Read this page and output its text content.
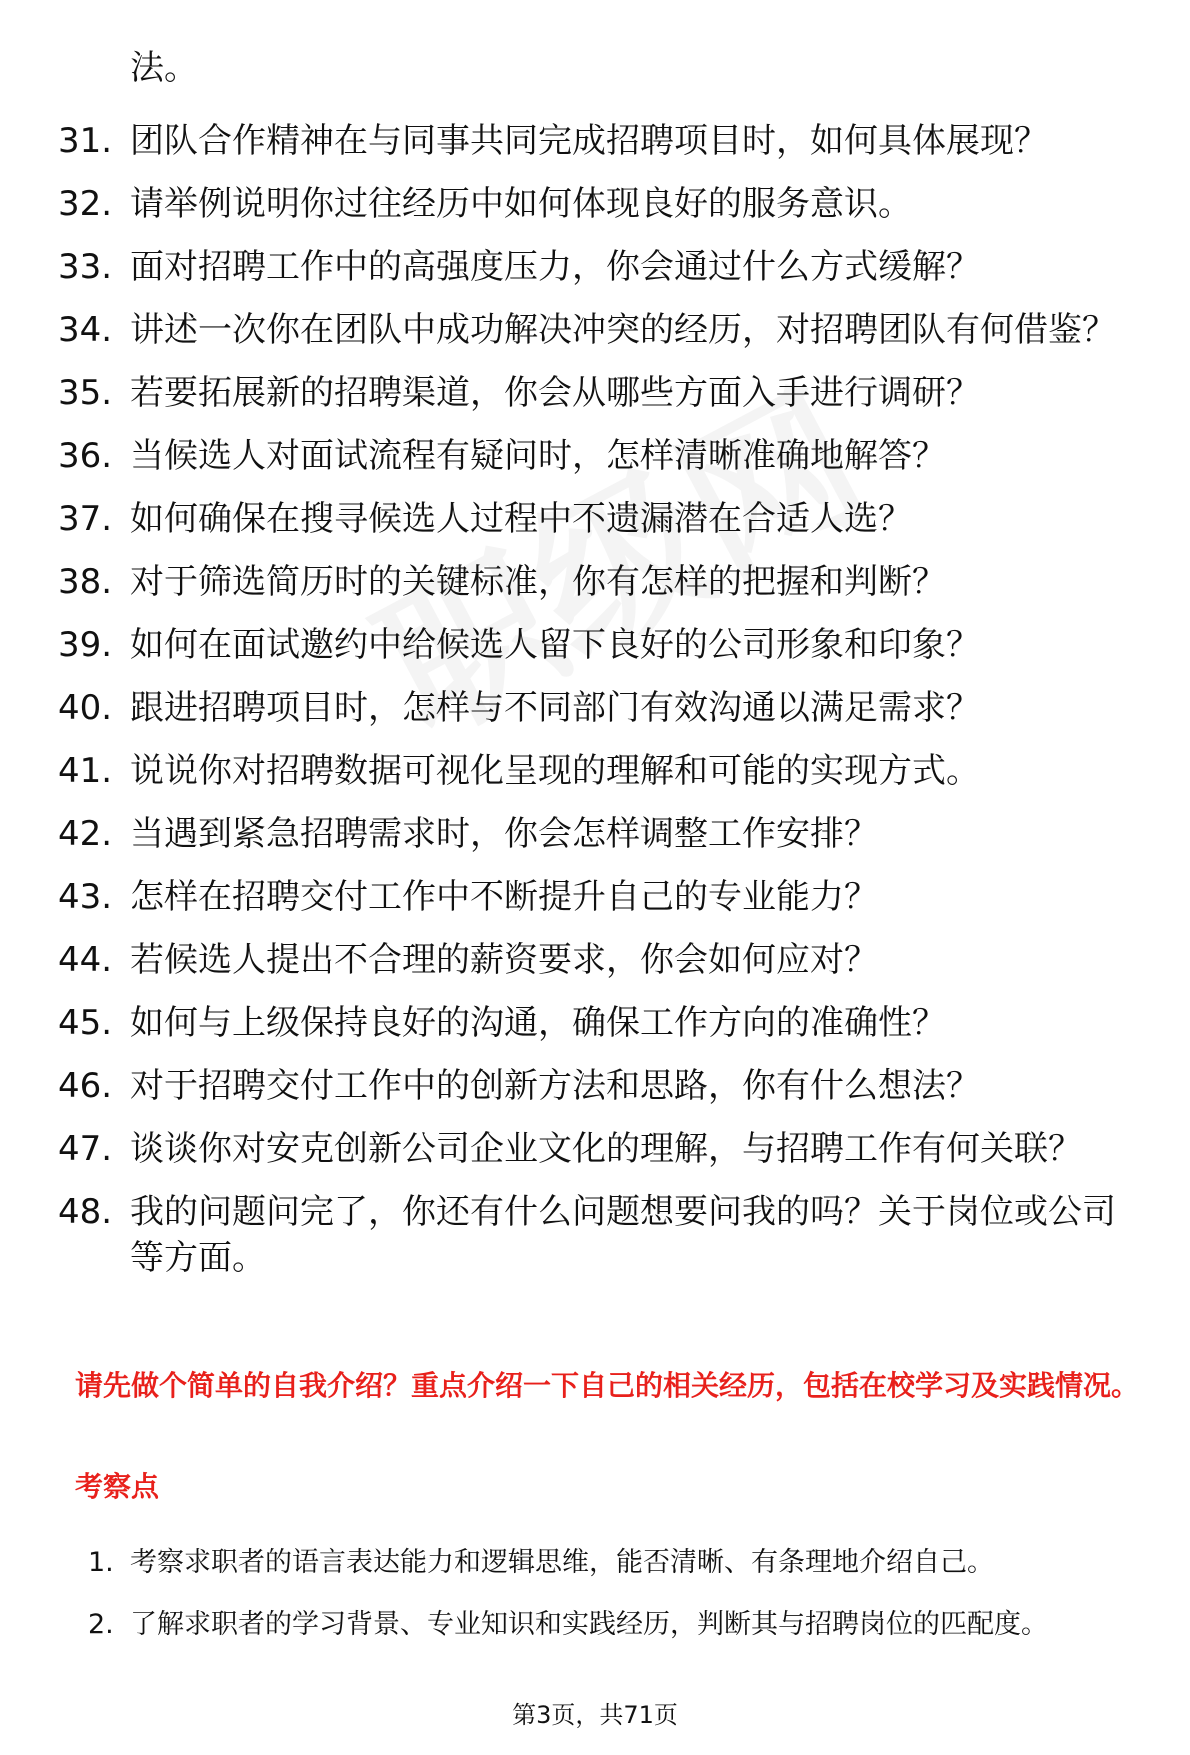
法。
31. 团队合作精神在与同事共同完成招聘项目时，如何具体展现？
32. 请举例说明你过往经历中如何体现良好的服务意识。
33. 面对招聘工作中的高强度压力，你会通过什么方式缓解？
34. 讲述一次你在团队中成功解决冲突的经历，对招聘团队有何借鉴？
35. 若要拓展新的招聘渠道，你会从哪些方面入手进行调研？
36. 当候选人对面试流程有疑问时，怎样清晰准确地解答？
37. 如何确保在搜寻候选人过程中不遗漏潜在合适人选？
38. 对于筛选简历时的关键标准，你有怎样的把握和判断？
39. 如何在面试邀约中给候选人留下良好的公司形象和印象？
40. 跟进招聘项目时，怎样与不同部门有效沟通以满足需求？
41. 说说你对招聘数据可视化呈现的理解和可能的实现方式。
42. 当遇到紧急招聘需求时，你会怎样调整工作安排？
43. 怎样在招聘交付工作中不断提升自己的专业能力？
44. 若候选人提出不合理的薪资要求，你会如何应对？
45. 如何与上级保持良好的沟通，确保工作方向的准确性？
46. 对于招聘交付工作中的创新方法和思路，你有什么想法？
47. 谈谈你对安克创新公司企业文化的理解，与招聘工作有何关联？
48. 我的问题问完了，你还有什么问题想要问我的吗？关于岗位或公司等方面。
请先做个简单的自我介绍？重点介绍一下自己的相关经历，包括在校学习及实践情况。
考察点
1. 考察求职者的语言表达能力和逻辑思维，能否清晰、有条理地介绍自己。
2. 了解求职者的学习背景、专业知识和实践经历，判断其与招聘岗位的匹配度。
第3页，共71页
